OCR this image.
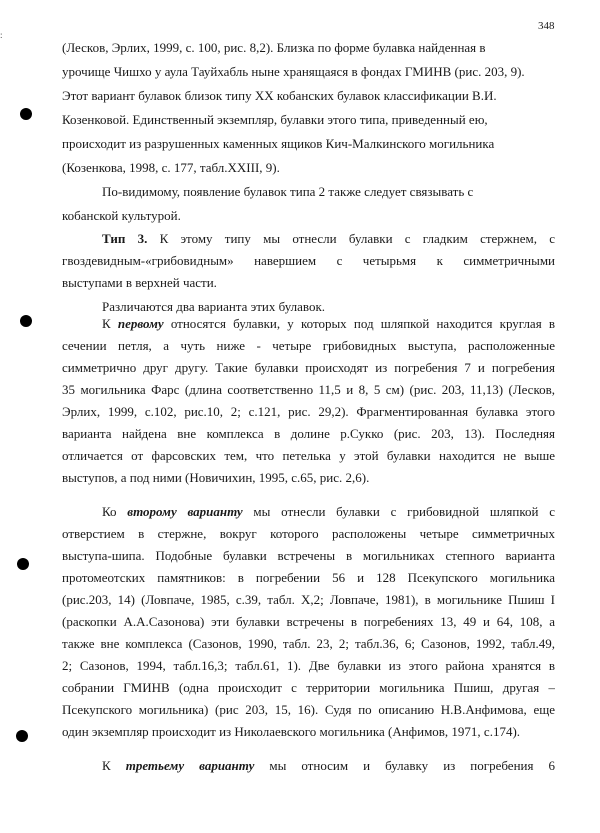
348
:
(Лесков, Эрлих, 1999, с. 100, рис. 8,2). Близка по форме булавка найденная в
урочище Чишхо у аула Тауйхабль ныне хранящаяся в фондах ГМИНВ (рис. 203, 9).
Этот вариант булавок близок типу XX кобанских булавок классификации В.И.
Козенковой. Единственный экземпляр, булавки этого типа, приведенный ею,
происходит из разрушенных каменных ящиков Кич-Малкинского могильника
(Козенкова, 1998, с. 177, табл.XXIII, 9).
По-видимому, появление булавок типа 2 также следует связывать с
кобанской культурой.
Тип 3. К этому типу мы отнесли булавки с гладким стержнем, с
гвоздевидным-«грибовидным» навершием с четырьмя к симметричными
выступами в верхней части.
Различаются два варианта этих булавок.
К первому относятся булавки, у которых под шляпкой находится круглая в
сечении петля, а чуть ниже - четыре грибовидных выступа, расположенные
симметрично друг другу. Такие булавки происходят из погребения 7 и погребения
35 могильника Фарс (длина соответственно 11,5 и 8, 5 см) (рис. 203, 11,13) (Лесков,
Эрлих, 1999, с.102, рис.10, 2; с.121, рис. 29,2). Фрагментированная булавка этого
варианта найдена вне комплекса в долине р.Сукко (рис. 203, 13). Последняя
отличается от фарсовских тем, что петелька у этой булавки находится не выше
выступов, а под ними (Новичихин, 1995, с.65, рис. 2,6).
Ко второму варианту мы отнесли булавки с грибовидной шляпкой с
отверстием в стержне, вокруг которого расположены четыре симметричных
выступа-шипа. Подобные булавки встречены в могильниках степного варианта
протомеотских памятников: в погребении 56 и 128 Псекупского могильника
(рис.203, 14) (Ловпаче, 1985, с.39, табл. X,2; Ловпаче, 1981), в могильнике Пшиш I
(раскопки А.А.Сазонова) эти булавки встречены в погребениях 13, 49 и 64, 108, а
также вне комплекса (Сазонов, 1990, табл. 23, 2; табл.36, 6; Сазонов, 1992, табл.49,
2; Сазонов, 1994, табл.16,3; табл.61, 1). Две булавки из этого района хранятся в
собрании ГМИНВ (одна происходит с территории могильника Пшиш, другая –
Псекупского могильника) (рис 203, 15, 16). Судя по описанию Н.В.Анфимова, еще
один экземпляр происходит из Николаевского могильника (Анфимов, 1971, с.174).
К третьему варианту мы относим и булавку из погребения 6
